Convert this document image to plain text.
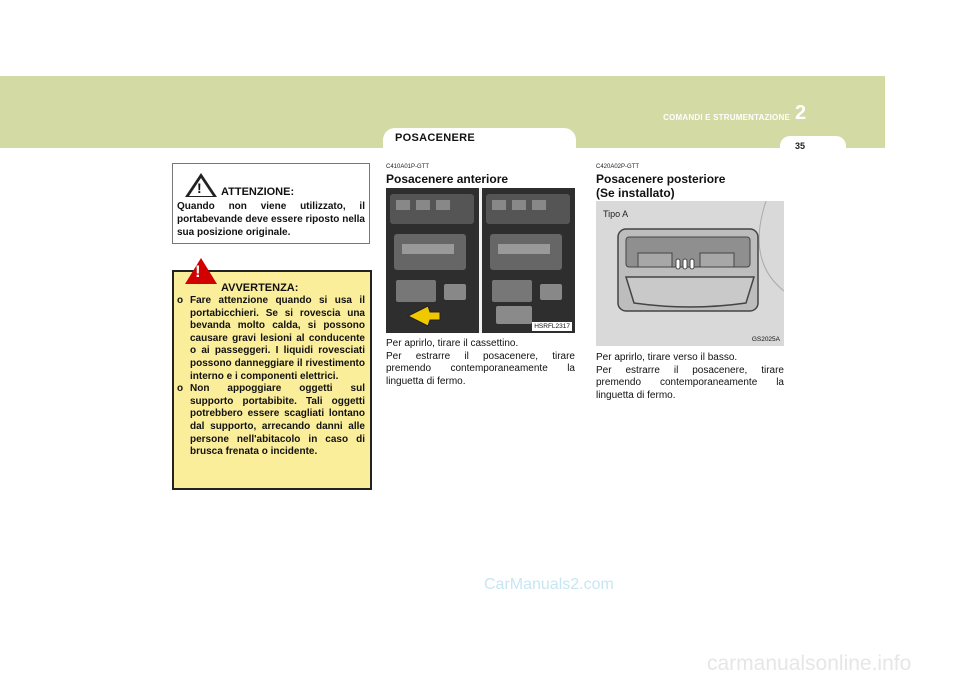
COMANDI E STRUMENTAZIONE 2
35
POSACENERE
! ATTENZIONE:
Quando non viene utilizzato, il portabevande deve essere riposto nella sua posizione originale.
!
AVVERTENZA:
o Fare attenzione quando si usa il portabicchieri. Se si rovescia una bevanda molto calda, si possono causare gravi lesioni al conducente o ai passeggeri. I liquidi rovesciati possono danneggiare il rivestimento interno e i componenti elettrici.
o Non appoggiare oggetti sul supporto portabibite. Tali oggetti potrebbero essere scagliati lontano dal supporto, arrecando danni alle persone nell'abitacolo in caso di brusca frenata o incidente.
C410A01P-GTT
Posacenere anteriore
HSRFL2317
Per aprirlo, tirare il cassettino.
Per estrarre il posacenere, tirare premendo contemporaneamente la linguetta di fermo.
C420A02P-GTT
Posacenere posteriore
(Se installato)
Tipo A
GS2025A
Per aprirlo, tirare verso il basso.
Per estrarre il posacenere, tirare premendo contemporaneamente la linguetta di fermo.
CarManuals2.com
carmanualsonline.info
